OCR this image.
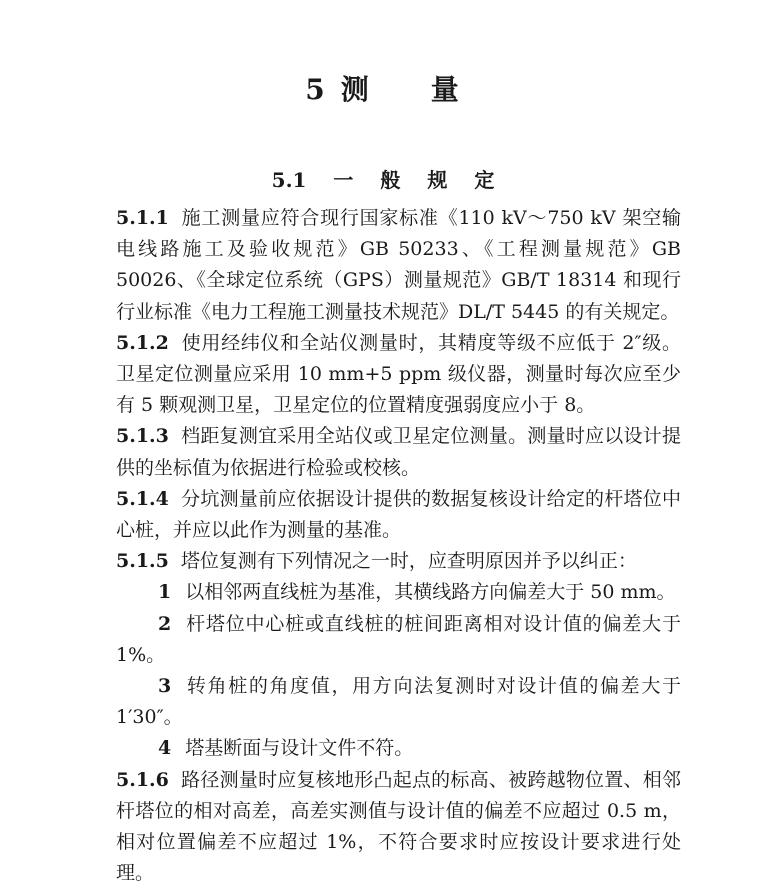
5 测 量
5.1 一 般 规 定

5.1.1 施工测量应符合现行国家标准《110 kV～750 kV 架空输电线路施工及验收规范》GB 50233、《工程测量规范》GB 50026、《全球定位系统（GPS）测量规范》GB/T 18314 和现行行业标准《电力工程施工测量技术规范》DL/T 5445 的有关规定。

5.1.2 使用经纬仪和全站仪测量时，其精度等级不应低于 2″级。卫星定位测量应采用 10 mm+5 ppm 级仪器，测量时每次应至少有 5 颗观测卫星，卫星定位的位置精度强弱度应小于 8。

5.1.3 档距复测宜采用全站仪或卫星定位测量。测量时应以设计提供的坐标值为依据进行检验或校核。

5.1.4 分坑测量前应依据设计提供的数据复核设计给定的杆塔位中心桩，并应以此作为测量的基准。

5.1.5 塔位复测有下列情况之一时，应查明原因并予以纠正：

1 以相邻两直线桩为基准，其横线路方向偏差大于 50 mm。

2 杆塔位中心桩或直线桩的桩间距离相对设计值的偏差大于 1%。

3 转角桩的角度值，用方向法复测时对设计值的偏差大于 1′30″。

4 塔基断面与设计文件不符。

5.1.6 路径测量时应复核地形凸起点的标高、被跨越物位置、相邻杆塔位的相对高差，高差实测值与设计值的偏差不应超过 0.5 m，相对位置偏差不应超过 1%，不符合要求时应按设计要求进行处理。
